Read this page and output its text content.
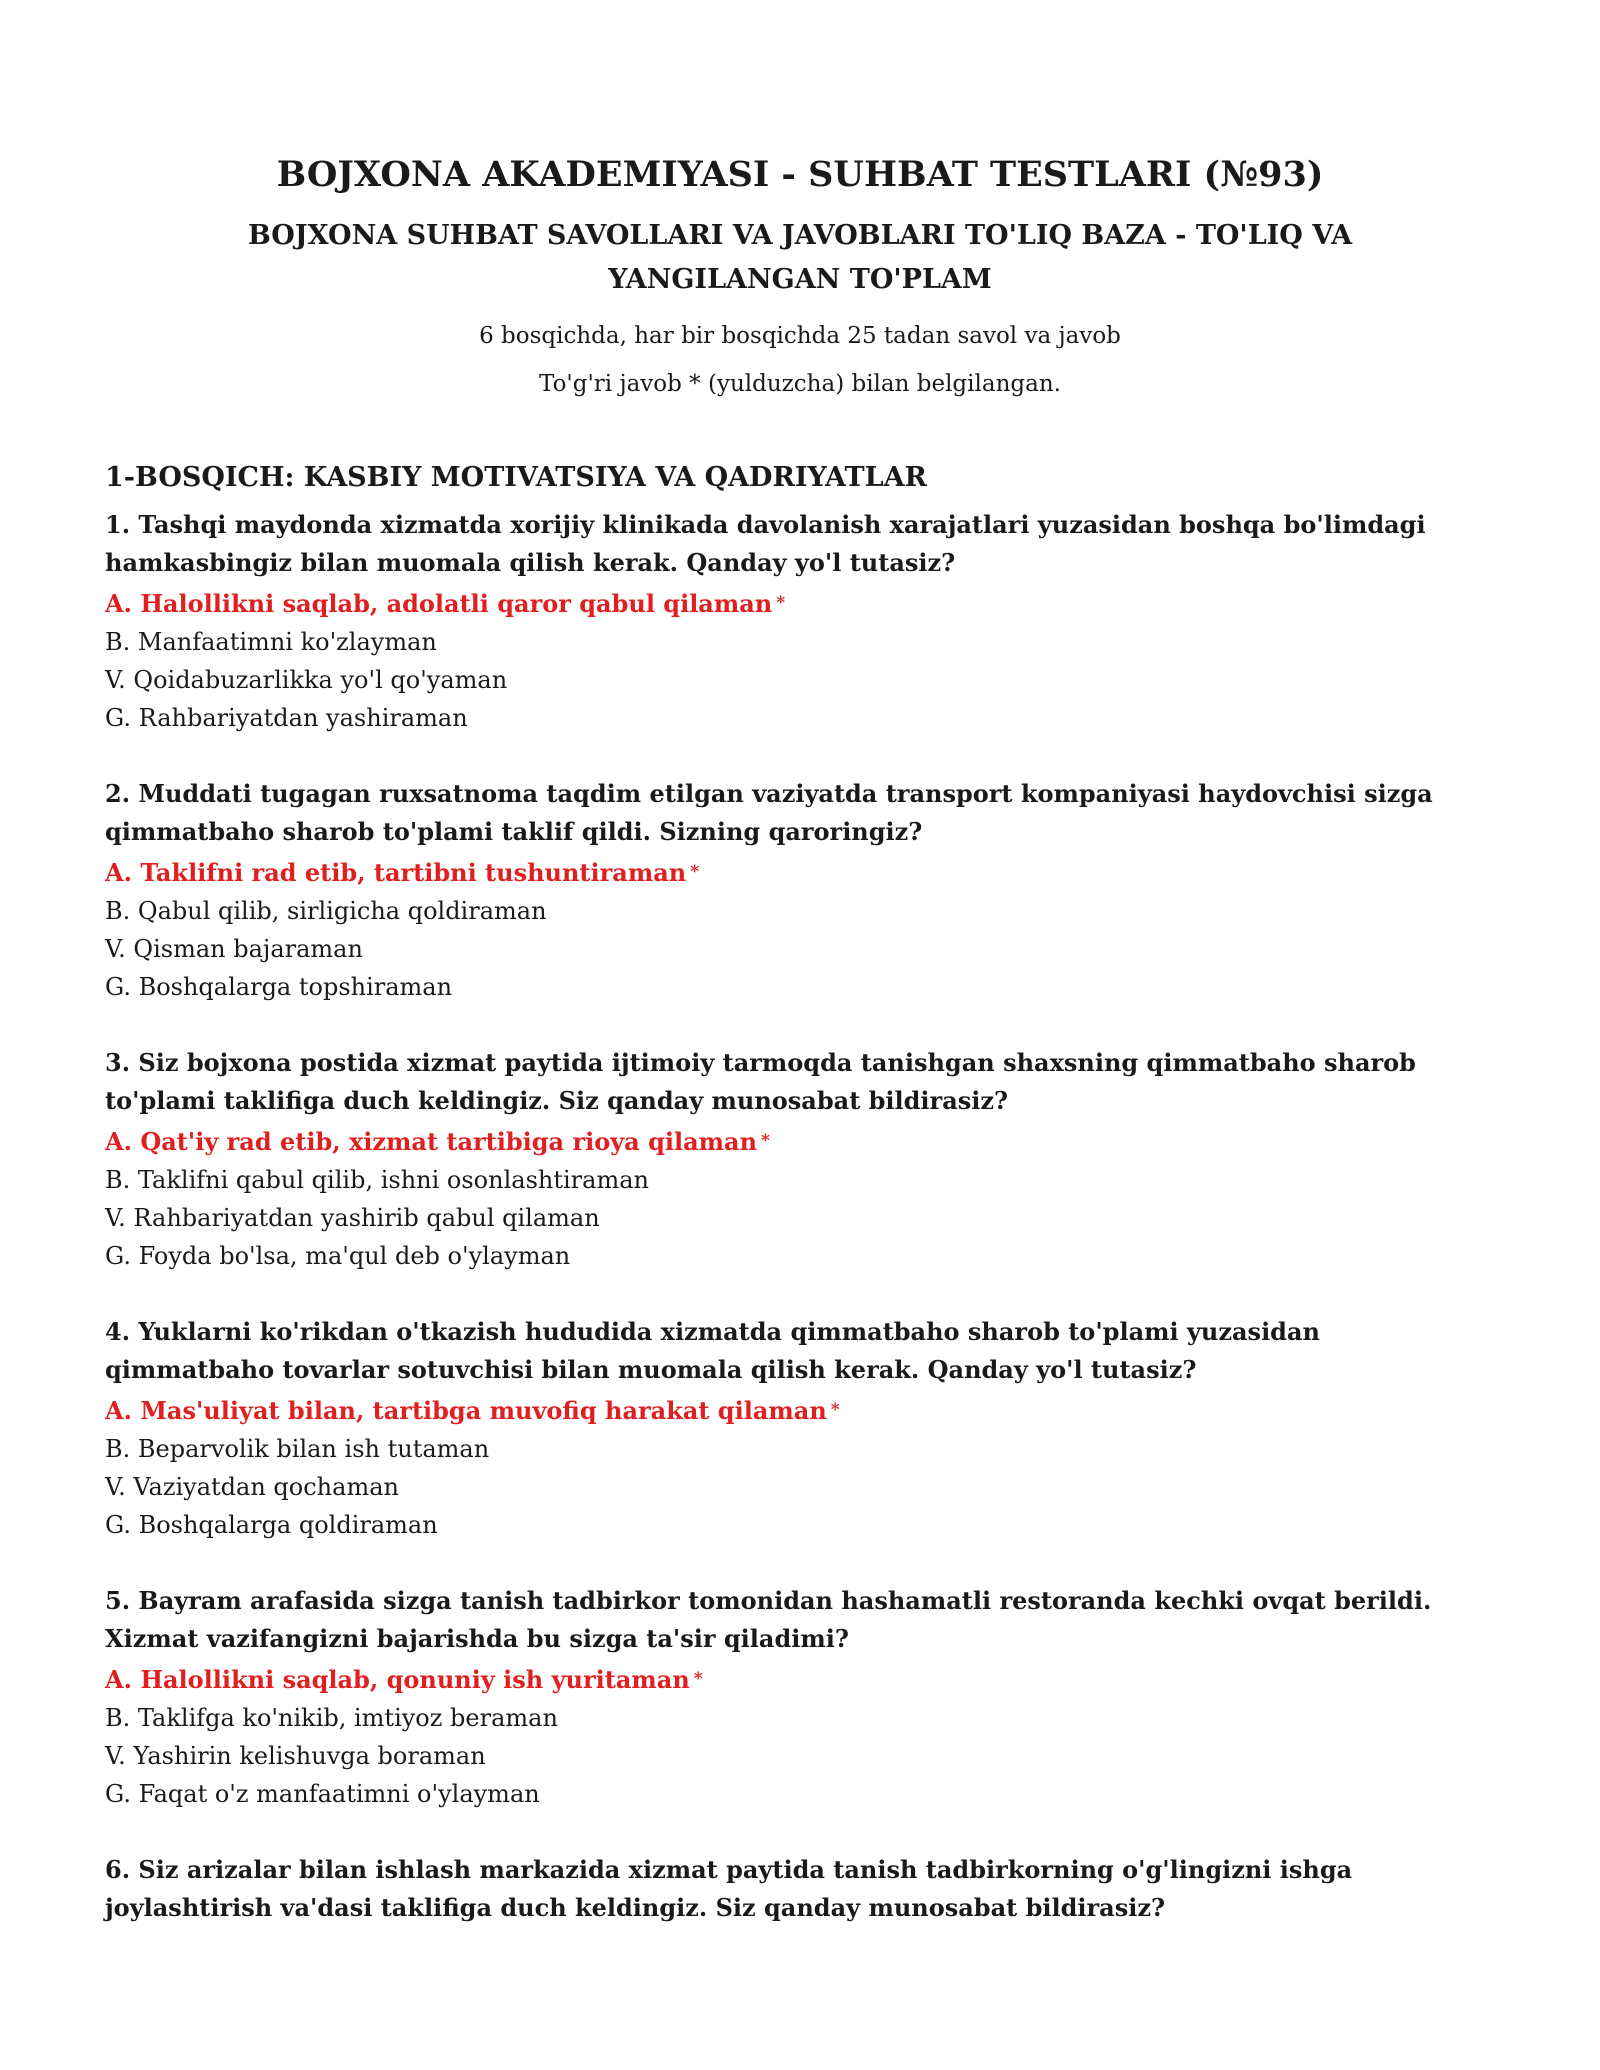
BOJXONA AKADEMIYASI - SUHBAT TESTLARI (№93)
BOJXONA SUHBAT SAVOLLARI VA JAVOBLARI TO'LIQ BAZA - TO'LIQ VA YANGILANGAN TO'PLAM

6 bosqichda, har bir bosqichda 25 tadan savol va javob

To'g'ri javob * (yulduzcha) bilan belgilangan.

1-BOSQICH: KASBIY MOTIVATSIYA VA QADRIYATLAR

1. Tashqi maydonda xizmatda xorijiy klinikada davolanish xarajatlari yuzasidan boshqa bo'limdagi hamkasbingiz bilan muomala qilish kerak. Qanday yo'l tutasiz?

A. Halollikni saqlab, adolatli qaror qabul qilaman *

B. Manfaatimni ko'zlayman

V. Qoidabuzarlikka yo'l qo'yaman

G. Rahbariyatdan yashiraman

2. Muddati tugagan ruxsatnoma taqdim etilgan vaziyatda transport kompaniyasi haydovchisi sizga qimmatbaho sharob to'plami taklif qildi. Sizning qaroringiz?

A. Taklifni rad etib, tartibni tushuntiraman *

B. Qabul qilib, sirligicha qoldiraman

V. Qisman bajaraman

G. Boshqalarga topshiraman

3. Siz bojxona postida xizmat paytida ijtimoiy tarmoqda tanishgan shaxsning qimmatbaho sharob to'plami taklifiga duch keldingiz. Siz qanday munosabat bildirasiz?

A. Qat'iy rad etib, xizmat tartibiga rioya qilaman *

B. Taklifni qabul qilib, ishni osonlashtiraman

V. Rahbariyatdan yashirib qabul qilaman

G. Foyda bo'lsa, ma'qul deb o'ylayman

4. Yuklarni ko'rikdan o'tkazish hududida xizmatda qimmatbaho sharob to'plami yuzasidan qimmatbaho tovarlar sotuvchisi bilan muomala qilish kerak. Qanday yo'l tutasiz?

A. Mas'uliyat bilan, tartibga muvofiq harakat qilaman *

B. Beparvolik bilan ish tutaman

V. Vaziyatdan qochaman

G. Boshqalarga qoldiraman

5. Bayram arafasida sizga tanish tadbirkor tomonidan hashamatli restoranda kechki ovqat berildi. Xizmat vazifangizni bajarishda bu sizga ta'sir qiladimi?

A. Halollikni saqlab, qonuniy ish yuritaman *

B. Taklifga ko'nikib, imtiyoz beraman

V. Yashirin kelishuvga boraman

G. Faqat o'z manfaatimni o'ylayman

6. Siz arizalar bilan ishlash markazida xizmat paytida tanish tadbirkorning o'g'lingizni ishga joylashtirish va'dasi taklifiga duch keldingiz. Siz qanday munosabat bildirasiz?
